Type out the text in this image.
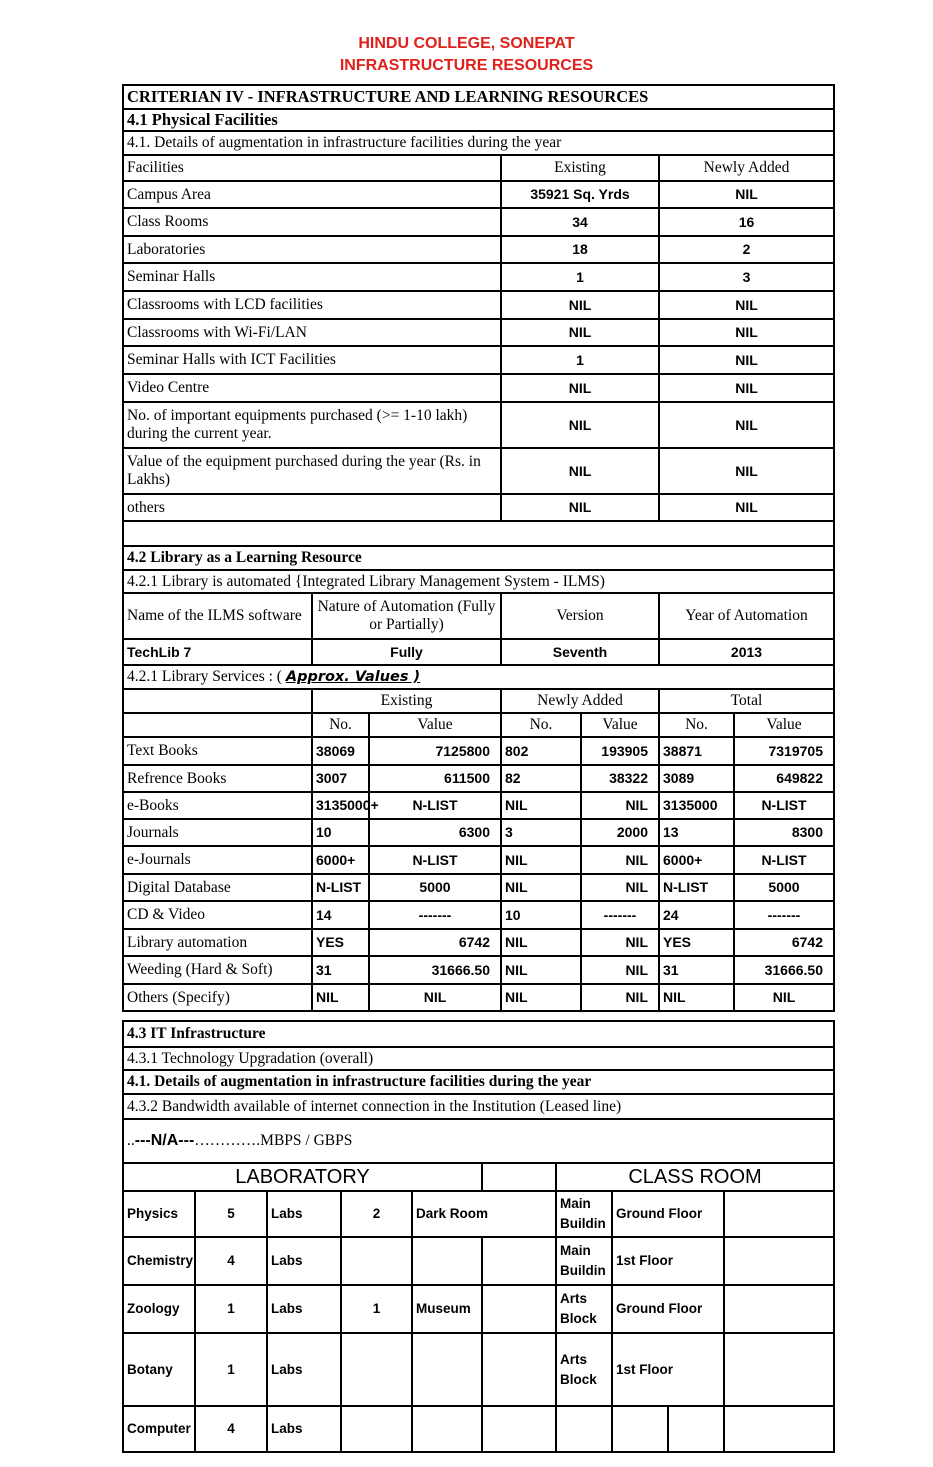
HINDU COLLEGE, SONEPAT
INFRASTRUCTURE RESOURCES
CRITERIAN IV - INFRASTRUCTURE AND LEARNING RESOURCES						
4.1 Physical Facilities						
4.1. Details of augmentation in infrastructure facilities during the year						
Facilities			Existing		Newly Added	
Campus Area			35921 Sq. Yrds		NIL	
Class Rooms			34		16	
Laboratories			18		2	
Seminar Halls			1		3	
Classrooms with LCD facilities			NIL		NIL	
Classrooms with Wi-Fi/LAN			NIL		NIL	
Seminar Halls with ICT Facilities			1		NIL	
Video Centre			NIL		NIL	
No. of important equipments purchased (>= 1-10 lakh) during the current year.			NIL		NIL	
Value of the equipment purchased during the year (Rs. in Lakhs)			NIL		NIL	
others			NIL		NIL	

4.2 Library as a Learning Resource						
4.2.1 Library is automated {Integrated Library Management System - ILMS)						
Name of the ILMS software	Nature of Automation (Fully or Partially)		Version		Year of Automation	
TechLib 7	Fully		Seventh		2013	
4.2.1 Library Services : ( Approx. Values )						
	Existing		Newly Added		Total	
	No.	Value	No.	Value	No.	Value
Text Books	38069	7125800	802	193905	38871	7319705
Refrence Books	3007	611500	82	38322	3089	649822
e-Books	3135000+	N-LIST	NIL	NIL	3135000	N-LIST
Journals	10	6300	3	2000	13	8300
e-Journals	6000+	N-LIST	NIL	NIL	6000+	N-LIST
Digital Database	N-LIST	5000	NIL	NIL	N-LIST	5000
CD & Video	14	-------	10	-------	24	-------
Library automation	YES	6742	NIL	NIL	YES	6742
Weeding (Hard & Soft)	31	31666.50	NIL	NIL	31	31666.50
Others (Specify)	NIL	NIL	NIL	NIL	NIL	NIL
4.3 IT Infrastructure									
4.3.1 Technology Upgradation (overall)									
4.1. Details of augmentation in infrastructure facilities during the year									
4.3.2 Bandwidth available of internet connection in the Institution (Leased line)									
..---N/A---………….MBPS / GBPS									
LABORATORY						CLASS ROOM			
Physics	5	Labs	2	Dark Room		Main Buildin	Ground Floor		
Chemistry	4	Labs				Main Buildin	1st Floor		
Zoology	1	Labs	1	Museum		Arts Block	Ground Floor		
Botany	1	Labs				Arts Block	1st Floor		
Computer	4	Labs							
